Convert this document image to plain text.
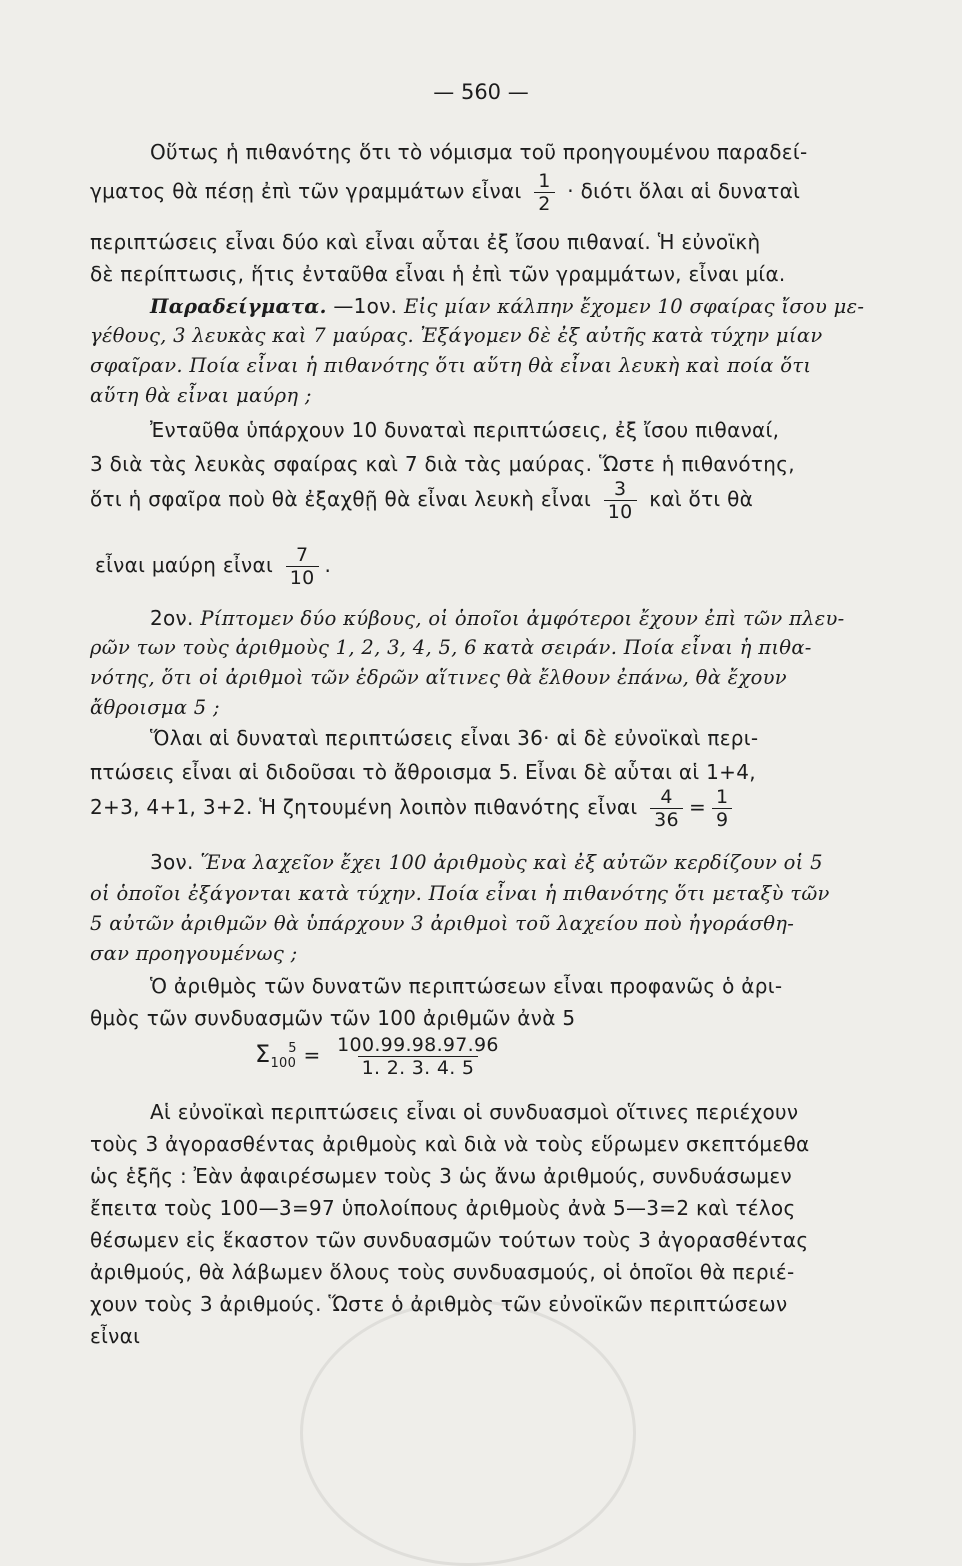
— 560 —
Οὕτως ἡ πιθανότης ὅτι τὸ νόμισμα τοῦ προηγουμένου παραδεί-
γματος θὰ πέσῃ ἐπὶ τῶν γραμμάτων εἶναι $\frac{1}{2} \cdot \delta\iota ό\tau\iota$ ὅλαι αἱ δυναταὶ
περιπτώσεις εἶναι δύο καὶ εἶναι αὗται ἐξ ἴσου πιθαναί. Ἡ εὐνοϊκὴ
δὲ περίπτωσις, ἥτις ἐνταῦθα εἶναι ἡ ἐπὶ τῶν γραμμάτων, εἶναι μία.
Παραδείγματα. —1ον. Εἰς μίαν κάλπην ἔχομεν 10 σφαίρας ἴσου με-
γέθους, 3 λευκὰς καὶ 7 μαύρας. Ἐξάγομεν δὲ ἐξ αὐτῆς κατὰ τύχην μίαν
σφαῖραν. Ποία εἶναι ἡ πιθανότης ὅτι αὕτη θὰ εἶναι λευκὴ καὶ ποία ὅτι
αὕτη θὰ εἶναι μαύρη ;
Ἐνταῦθα ὑπάρχουν 10 δυναταὶ περιπτώσεις, ἐξ ἴσου πιθαναί,
3 διὰ τὰς λευκὰς σφαίρας καὶ 7 διὰ τὰς μαύρας. Ὥστε ἡ πιθανότης,
ὅτι ἡ σφαῖρα ποὺ θὰ ἐξαχθῇ θὰ εἶναι λευκὴ εἶναι $\frac{3}{10}$ καὶ ὅτι θὰ
εἶναι μαύρη εἶναι $\frac{7}{10}$ .
2ον. Ρίπτομεν δύο κύβους, οἱ ὁποῖοι ἀμφότεροι ἔχουν ἐπὶ τῶν πλευ-
ρῶν των τοὺς ἀριθμοὺς 1, 2, 3, 4, 5, 6 κατὰ σειράν. Ποία εἶναι ἡ πιθα-
νότης, ὅτι οἱ ἀριθμοὶ τῶν ἑδρῶν αἵτινες θὰ ἔλθουν ἐπάνω, θὰ ἔχουν
ἄθροισμα 5 ;
Ὅλαι αἱ δυναταὶ περιπτώσεις εἶναι 36· αἱ δὲ εὐνοϊκαὶ περι-
πτώσεις εἶναι αἱ διδοῦσαι τὸ ἄθροισμα 5. Εἶναι δὲ αὗται αἱ 1+4,
2+3, 4+1, 3+2. Ἡ ζητουμένη λοιπὸν πιθανότης εἶναι $\frac{4}{36} = \frac{1}{9}$
3ον. Ἕνα λαχεῖον ἔχει 100 ἀριθμοὺς καὶ ἐξ αὐτῶν κερδίζουν οἱ 5
οἱ ὁποῖοι ἐξάγονται κατὰ τύχην. Ποία εἶναι ἡ πιθανότης ὅτι μεταξὺ τῶν
5 αὐτῶν ἀριθμῶν θὰ ὑπάρχουν 3 ἀριθμοὶ τοῦ λαχείου ποὺ ἠγοράσθη-
σαν προηγουμένως ;
Ὁ ἀριθμὸς τῶν δυνατῶν περιπτώσεων εἶναι προφανῶς ὁ ἀρι-
θμὸς τῶν συνδυασμῶν τῶν 100 ἀριθμῶν ἀνὰ 5
$\Sigma_{100}^5 = \frac{100.99.98.97.96}{1. 2. 3. 4. 5}$
Αἱ εὐνοϊκαὶ περιπτώσεις εἶναι οἱ συνδυασμοὶ οἵτινες περιέχουν
τοὺς 3 ἀγορασθέντας ἀριθμοὺς καὶ διὰ νὰ τοὺς εὕρωμεν σκεπτόμεθα
ὡς ἑξῆς : Ἐὰν ἀφαιρέσωμεν τοὺς 3 ὡς ἄνω ἀριθμούς, συνδυάσωμεν
ἔπειτα τοὺς 100—3=97 ὑπολοίπους ἀριθμοὺς ἀνὰ 5—3=2 καὶ τέλος
θέσωμεν εἰς ἕκαστον τῶν συνδυασμῶν τούτων τοὺς 3 ἀγορασθέντας
ἀριθμούς, θὰ λάβωμεν ὅλους τοὺς συνδυασμούς, οἱ ὁποῖοι θὰ περιέ-
χουν τοὺς 3 ἀριθμούς. Ὥστε ὁ ἀριθμὸς τῶν εὐνοϊκῶν περιπτώσεων
εἶναι
